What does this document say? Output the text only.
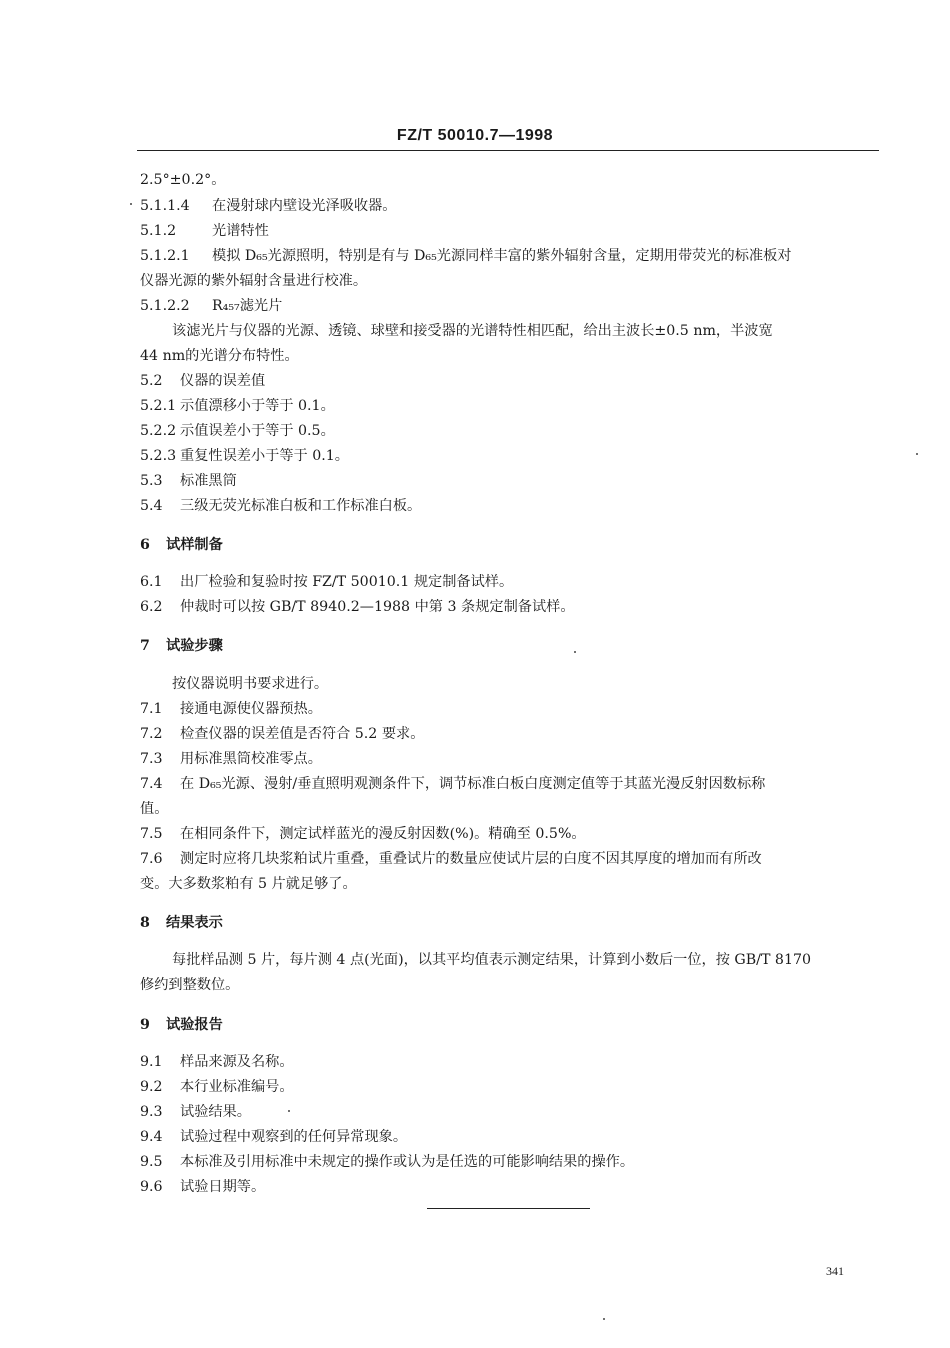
FZ/T 50010.7—1998
2.5°±0.2°。
5.1.1.4 在漫射球内壁设光泽吸收器。
5.1.2	光谱特性
5.1.2.1 模拟 D₆₅光源照明，特别是有与 D₆₅光源同样丰富的紫外辐射含量，定期用带荧光的标准板对
仪器光源的紫外辐射含量进行校准。
5.1.2.2 R₄₅₇滤光片
该滤光片与仪器的光源、透镜、球壁和接受器的光谱特性相匹配，给出主波长±0.5 nm，半波宽
44 nm的光谱分布特性。
5.2 仪器的误差值
5.2.1 示值漂移小于等于 0.1。
5.2.2 示值误差小于等于 0.5。
5.2.3 重复性误差小于等于 0.1。
5.3 标准黑筒
5.4 三级无荧光标准白板和工作标准白板。
6 试样制备
6.1 出厂检验和复验时按 FZ/T 50010.1 规定制备试样。
6.2 仲裁时可以按 GB/T 8940.2—1988 中第 3 条规定制备试样。
7 试验步骤
按仪器说明书要求进行。
7.1 接通电源使仪器预热。
7.2 检查仪器的误差值是否符合 5.2 要求。
7.3 用标准黑筒校准零点。
7.4 在 D₆₅光源、漫射/垂直照明观测条件下，调节标准白板白度测定值等于其蓝光漫反射因数标称
值。
7.5 在相同条件下，测定试样蓝光的漫反射因数(%)。精确至 0.5%。
7.6 测定时应将几块浆粕试片重叠，重叠试片的数量应使试片层的白度不因其厚度的增加而有所改
变。大多数浆粕有 5 片就足够了。
8 结果表示
每批样品测 5 片，每片测 4 点(光面)，以其平均值表示测定结果，计算到小数后一位，按 GB/T 8170
修约到整数位。
9 试验报告
9.1 样品来源及名称。
9.2 本行业标准编号。
9.3 试验结果。
9.4 试验过程中观察到的任何异常现象。
9.5 本标准及引用标准中未规定的操作或认为是任选的可能影响结果的操作。
9.6 试验日期等。
341
